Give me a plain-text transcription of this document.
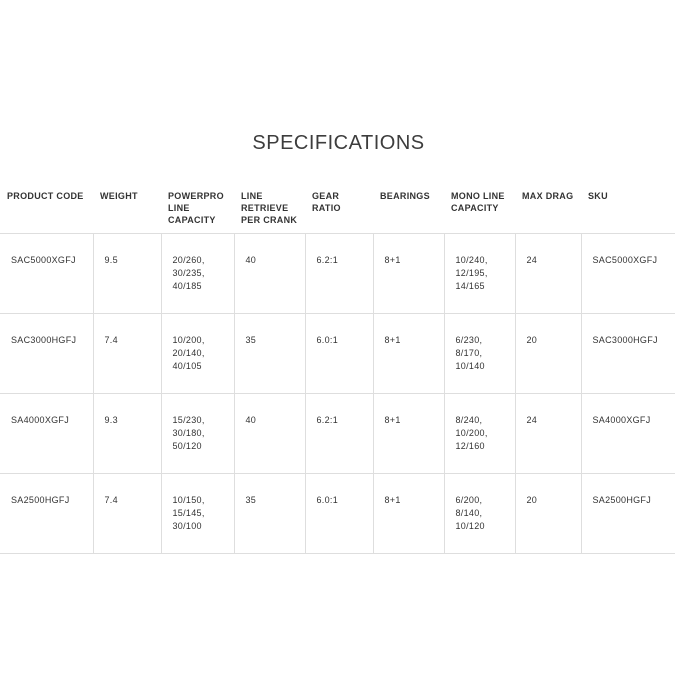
SPECIFICATIONS
PRODUCT CODE	WEIGHT	POWERPRO LINE CAPACITY	LINE RETRIEVE PER CRANK	GEAR RATIO	BEARINGS	MONO LINE CAPACITY	MAX DRAG	SKU
SAC5000XGFJ	9.5	20/260,
30/235,
40/185	40	6.2:1	8+1	10/240,
12/195,
14/165	24	SAC5000XGFJ
SAC3000HGFJ	7.4	10/200,
20/140,
40/105	35	6.0:1	8+1	6/230,
8/170,
10/140	20	SAC3000HGFJ
SA4000XGFJ	9.3	15/230,
30/180,
50/120	40	6.2:1	8+1	8/240,
10/200,
12/160	24	SA4000XGFJ
SA2500HGFJ	7.4	10/150,
15/145,
30/100	35	6.0:1	8+1	6/200,
8/140,
10/120	20	SA2500HGFJ
